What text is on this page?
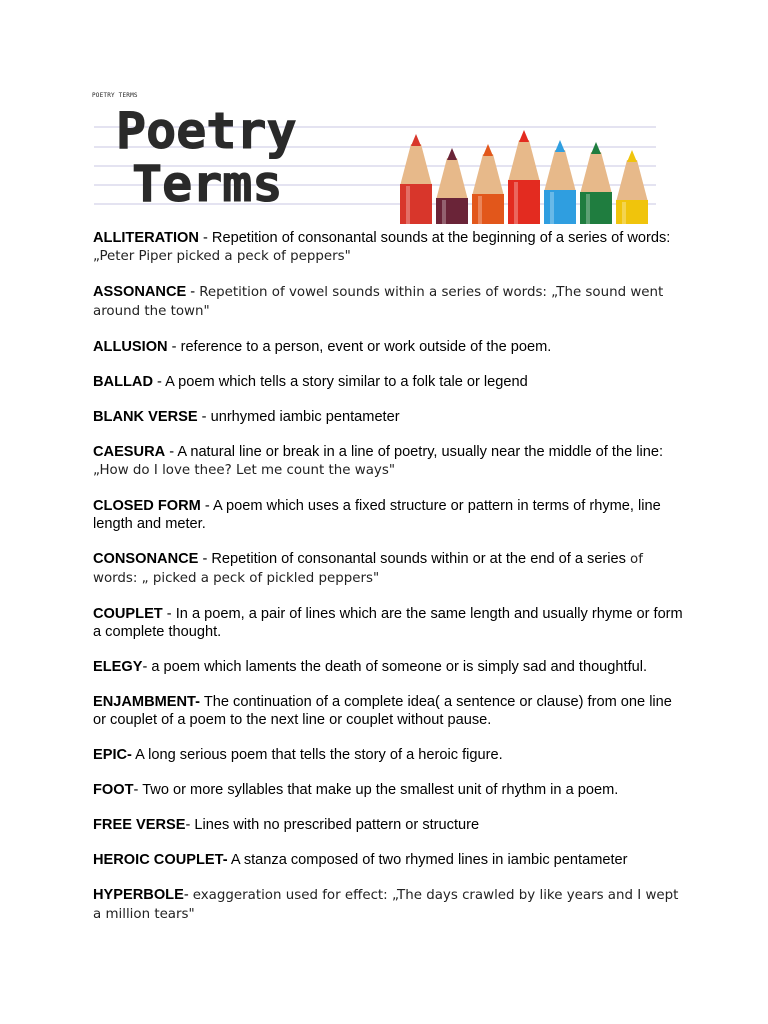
POETRY TERMS
Poetry
Terms

ALLITERATION - Repetition of consonantal sounds at the beginning of a series of words: „Peter Piper picked a peck of peppers"

ASSONANCE - Repetition of vowel sounds within a series of words: „The sound went around the town"

ALLUSION - reference to a person, event or work outside of the poem.

BALLAD - A poem which tells a story similar to a folk tale or legend

BLANK VERSE - unrhymed iambic pentameter

CAESURA - A natural line or break in a line of poetry, usually near the middle of the line: „How do I love thee? Let me count the ways"

CLOSED FORM - A poem which uses a fixed structure or pattern in terms of rhyme, line length and meter.

CONSONANCE - Repetition of consonantal sounds within or at the end of a series of words: „ picked a peck of pickled peppers"

COUPLET - In a poem, a pair of lines which are the same length and usually rhyme or form a complete thought.

ELEGY- a poem which laments the death of someone or is simply sad and thoughtful.

ENJAMBMENT- The continuation of a complete idea( a sentence or clause) from one line or couplet of a poem to the next line or couplet without pause.

EPIC- A long serious poem that tells the story of a heroic figure.

FOOT- Two or more syllables that make up the smallest unit of rhythm in a poem.

FREE VERSE- Lines with no prescribed pattern or structure

HEROIC COUPLET- A stanza composed of two rhymed lines in iambic pentameter

HYPERBOLE- exaggeration used for effect: „The days crawled by like years and I wept a million tears"
